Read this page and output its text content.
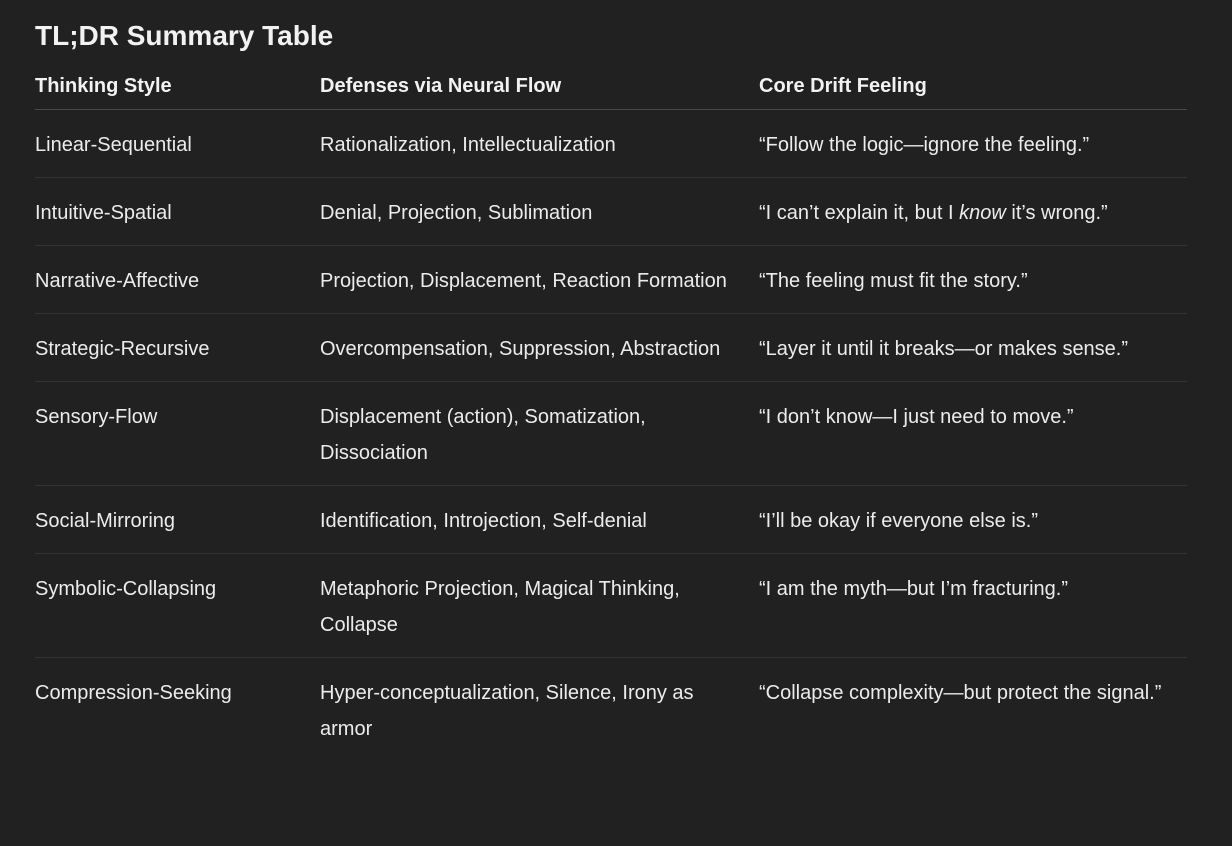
TL;DR Summary Table
Thinking Style	Defenses via Neural Flow	Core Drift Feeling
Linear-Sequential	Rationalization, Intellectualization	“Follow the logic—ignore the feeling.”
Intuitive-Spatial	Denial, Projection, Sublimation	“I can’t explain it, but I know it’s wrong.”
Narrative-Affective	Projection, Displacement, Reaction Formation	“The feeling must fit the story.”
Strategic-Recursive	Overcompensation, Suppression, Abstraction	“Layer it until it breaks—or makes sense.”
Sensory-Flow	Displacement (action), Somatization, Dissociation	“I don’t know—I just need to move.”
Social-Mirroring	Identification, Introjection, Self-denial	“I’ll be okay if everyone else is.”
Symbolic-Collapsing	Metaphoric Projection, Magical Thinking, Collapse	“I am the myth—but I’m fracturing.”
Compression-Seeking	Hyper-conceptualization, Silence, Irony as armor	“Collapse complexity—but protect the signal.”
